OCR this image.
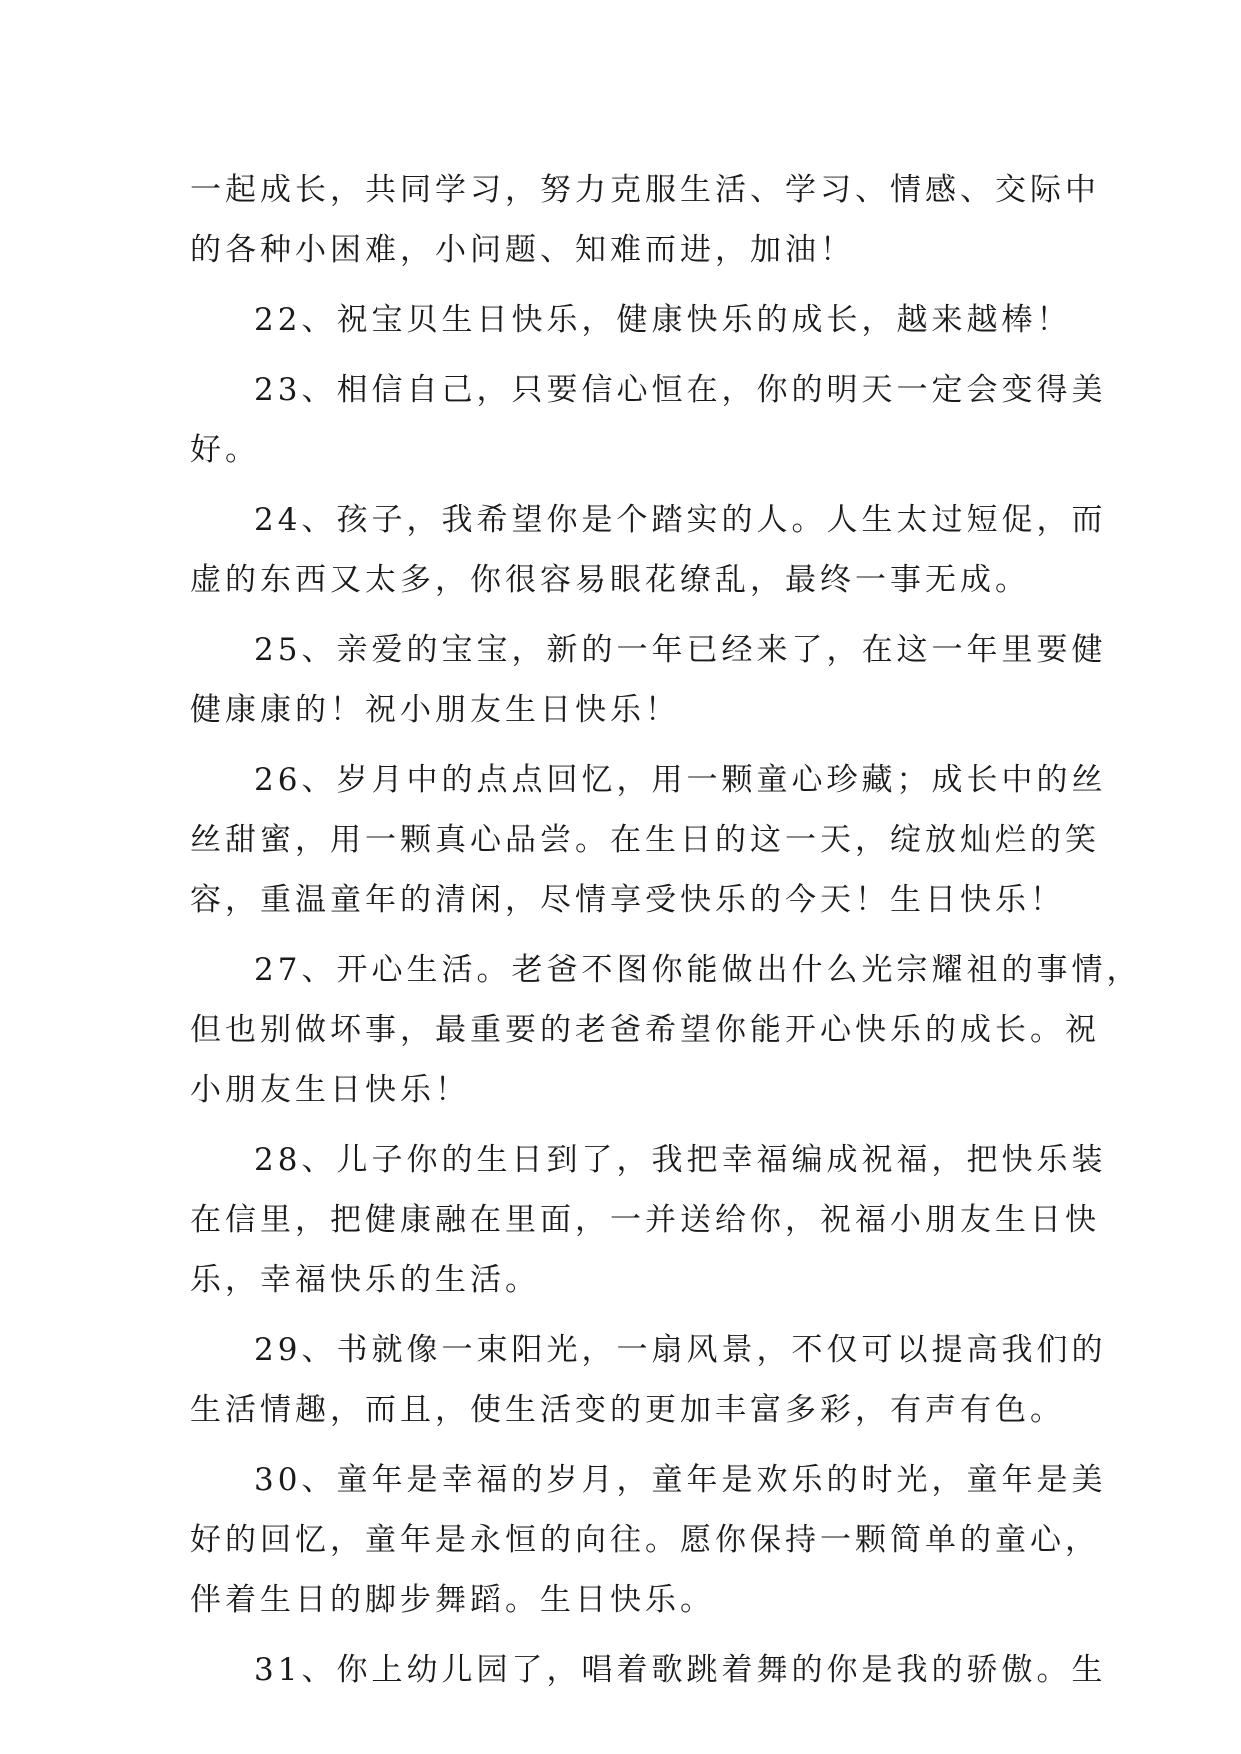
一起成长，共同学习，努力克服生活、学习、情感、交际中
的各种小困难，小问题、知难而进，加油！
22、祝宝贝生日快乐，健康快乐的成长，越来越棒！
23、相信自己，只要信心恒在，你的明天一定会变得美
好。
24、孩子，我希望你是个踏实的人。人生太过短促，而
虚的东西又太多，你很容易眼花缭乱，最终一事无成。
25、亲爱的宝宝，新的一年已经来了，在这一年里要健
健康康的！祝小朋友生日快乐！
26、岁月中的点点回忆，用一颗童心珍藏；成长中的丝
丝甜蜜，用一颗真心品尝。在生日的这一天，绽放灿烂的笑
容，重温童年的清闲，尽情享受快乐的今天！生日快乐！
27、开心生活。老爸不图你能做出什么光宗耀祖的事情，
但也别做坏事，最重要的老爸希望你能开心快乐的成长。祝
小朋友生日快乐！
28、儿子你的生日到了，我把幸福编成祝福，把快乐装
在信里，把健康融在里面，一并送给你，祝福小朋友生日快
乐，幸福快乐的生活。
29、书就像一束阳光，一扇风景，不仅可以提高我们的
生活情趣，而且，使生活变的更加丰富多彩，有声有色。
30、童年是幸福的岁月，童年是欢乐的时光，童年是美
好的回忆，童年是永恒的向往。愿你保持一颗简单的童心，
伴着生日的脚步舞蹈。生日快乐。
31、你上幼儿园了，唱着歌跳着舞的你是我的骄傲。生
